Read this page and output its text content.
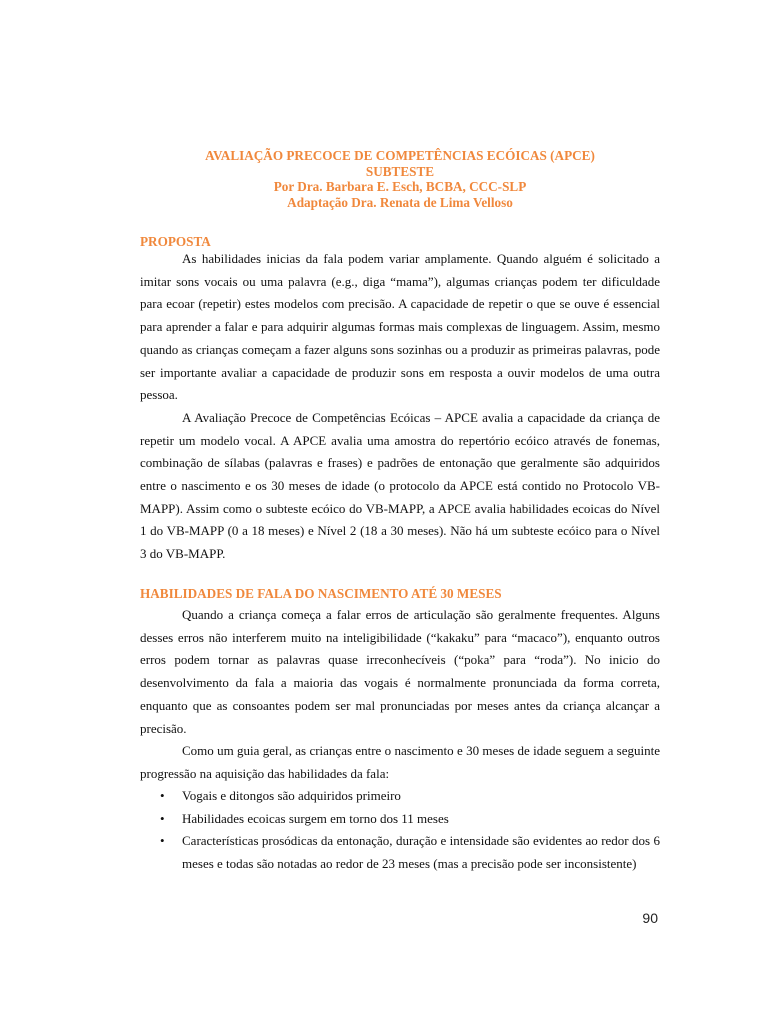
AVALIAÇÃO PRECOCE DE COMPETÊNCIAS ECÓICAS (APCE)
SUBTESTE
Por Dra. Barbara E. Esch, BCBA, CCC-SLP
Adaptação Dra. Renata de Lima Velloso
PROPOSTA

As habilidades inicias da fala podem variar amplamente. Quando alguém é solicitado a imitar sons vocais ou uma palavra (e.g., diga “mama”), algumas crianças podem ter dificuldade para ecoar (repetir) estes modelos com precisão. A capacidade de repetir o que se ouve é essencial para aprender a falar e para adquirir algumas formas mais complexas de linguagem. Assim, mesmo quando as crianças começam a fazer alguns sons sozinhas ou a produzir as primeiras palavras, pode ser importante avaliar a capacidade de produzir sons em resposta a ouvir modelos de uma outra pessoa.

A Avaliação Precoce de Competências Ecóicas – APCE avalia a capacidade da criança de repetir um modelo vocal. A APCE avalia uma amostra do repertório ecóico através de fonemas, combinação de sílabas (palavras e frases) e padrões de entonação que geralmente são adquiridos entre o nascimento e os 30 meses de idade (o protocolo da APCE está contido no Protocolo VB-MAPP). Assim como o subteste ecóico do VB-MAPP, a APCE avalia habilidades ecoicas do Nível 1 do VB-MAPP (0 a 18 meses) e Nível 2 (18 a 30 meses). Não há um subteste ecóico para o Nível 3 do VB-MAPP.

HABILIDADES DE FALA DO NASCIMENTO ATÉ 30 MESES

Quando a criança começa a falar erros de articulação são geralmente frequentes. Alguns desses erros não interferem muito na inteligibilidade (“kakaku” para “macaco”), enquanto outros erros podem tornar as palavras quase irreconhecíveis (“poka” para “roda”). No inicio do desenvolvimento da fala a maioria das vogais é normalmente pronunciada da forma correta, enquanto que as consoantes podem ser mal pronunciadas por meses antes da criança alcançar a precisão.

Como um guia geral, as crianças entre o nascimento e 30 meses de idade seguem a seguinte progressão na aquisição das habilidades da fala:

• Vogais e ditongos são adquiridos primeiro
• Habilidades ecoicas surgem em torno dos 11 meses
• Características prosódicas da entonação, duração e intensidade são evidentes ao redor dos 6 meses e todas são notadas ao redor de 23 meses (mas a precisão pode ser inconsistente)
90
